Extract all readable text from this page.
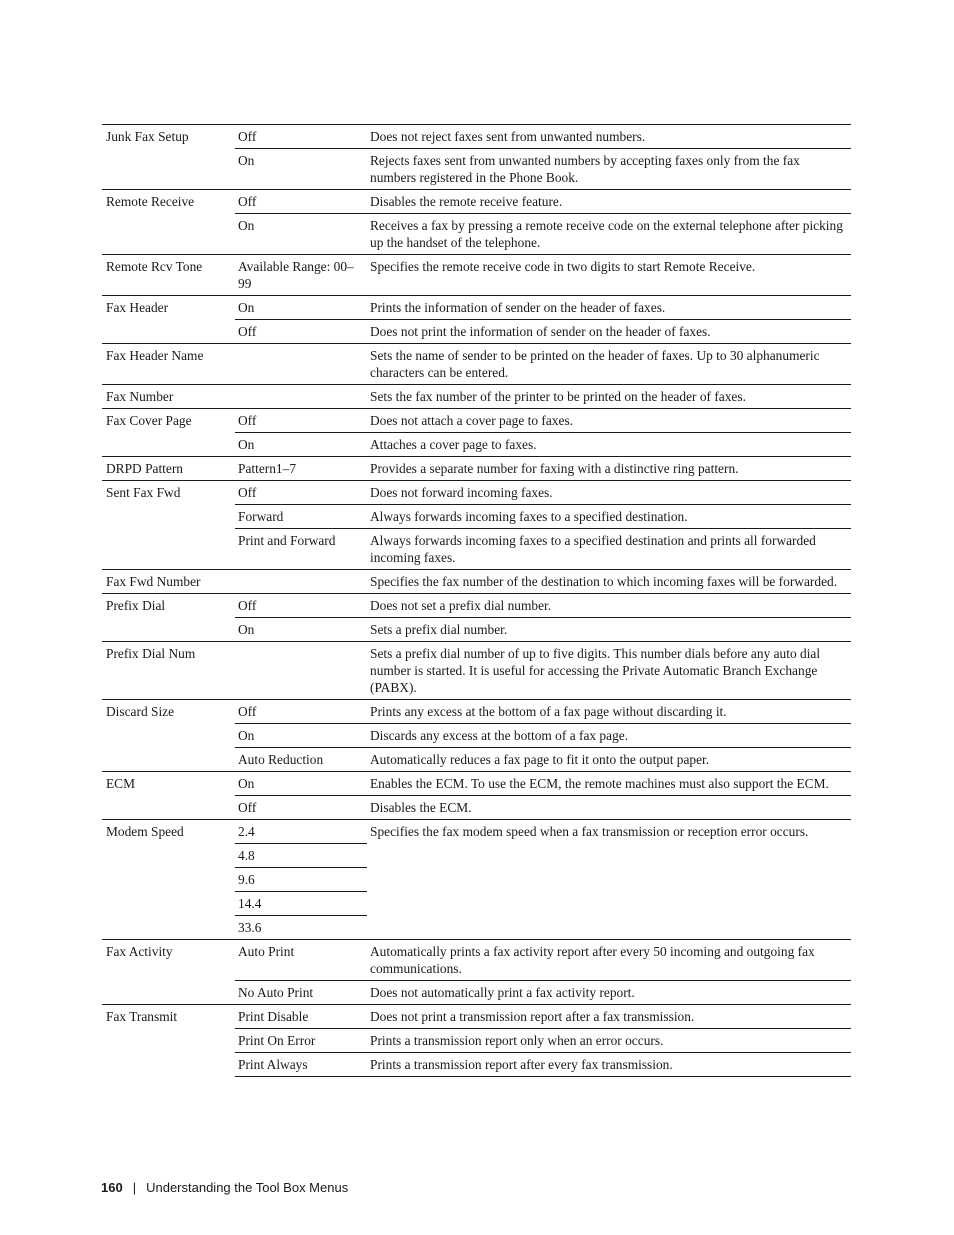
Junk Fax Setup	Off	Does not reject faxes sent from unwanted numbers.
	On	Rejects faxes sent from unwanted numbers by accepting faxes only from the fax numbers registered in the Phone Book.
Remote Receive	Off	Disables the remote receive feature.
	On	Receives a fax by pressing a remote receive code on the external telephone after picking up the handset of the telephone.
Remote Rcv Tone	Available Range: 00–99	Specifies the remote receive code in two digits to start Remote Receive.
Fax Header	On	Prints the information of sender on the header of faxes.
	Off	Does not print the information of sender on the header of faxes.
Fax Header Name		Sets the name of sender to be printed on the header of faxes. Up to 30 alphanumeric characters can be entered.
Fax Number		Sets the fax number of the printer to be printed on the header of faxes.
Fax Cover Page	Off	Does not attach a cover page to faxes.
	On	Attaches a cover page to faxes.
DRPD Pattern	Pattern1–7	Provides a separate number for faxing with a distinctive ring pattern.
Sent Fax Fwd	Off	Does not forward incoming faxes.
	Forward	Always forwards incoming faxes to a specified destination.
	Print and Forward	Always forwards incoming faxes to a specified destination and prints all forwarded incoming faxes.
Fax Fwd Number		Specifies the fax number of the destination to which incoming faxes will be forwarded.
Prefix Dial	Off	Does not set a prefix dial number.
	On	Sets a prefix dial number.
Prefix Dial Num		Sets a prefix dial number of up to five digits. This number dials before any auto dial number is started. It is useful for accessing the Private Automatic Branch Exchange (PABX).
Discard Size	Off	Prints any excess at the bottom of a fax page without discarding it.
	On	Discards any excess at the bottom of a fax page.
	Auto Reduction	Automatically reduces a fax page to fit it onto the output paper.
ECM	On	Enables the ECM. To use the ECM, the remote machines must also support the ECM.
	Off	Disables the ECM.
Modem Speed	2.4	Specifies the fax modem speed when a fax transmission or reception error occurs.
	4.8	
	9.6	
	14.4	
	33.6	
Fax Activity	Auto Print	Automatically prints a fax activity report after every 50 incoming and outgoing fax communications.
	No Auto Print	Does not automatically print a fax activity report.
Fax Transmit	Print Disable	Does not print a transmission report after a fax transmission.
	Print On Error	Prints a transmission report only when an error occurs.
	Print Always	Prints a transmission report after every fax transmission.
160 | Understanding the Tool Box Menus
